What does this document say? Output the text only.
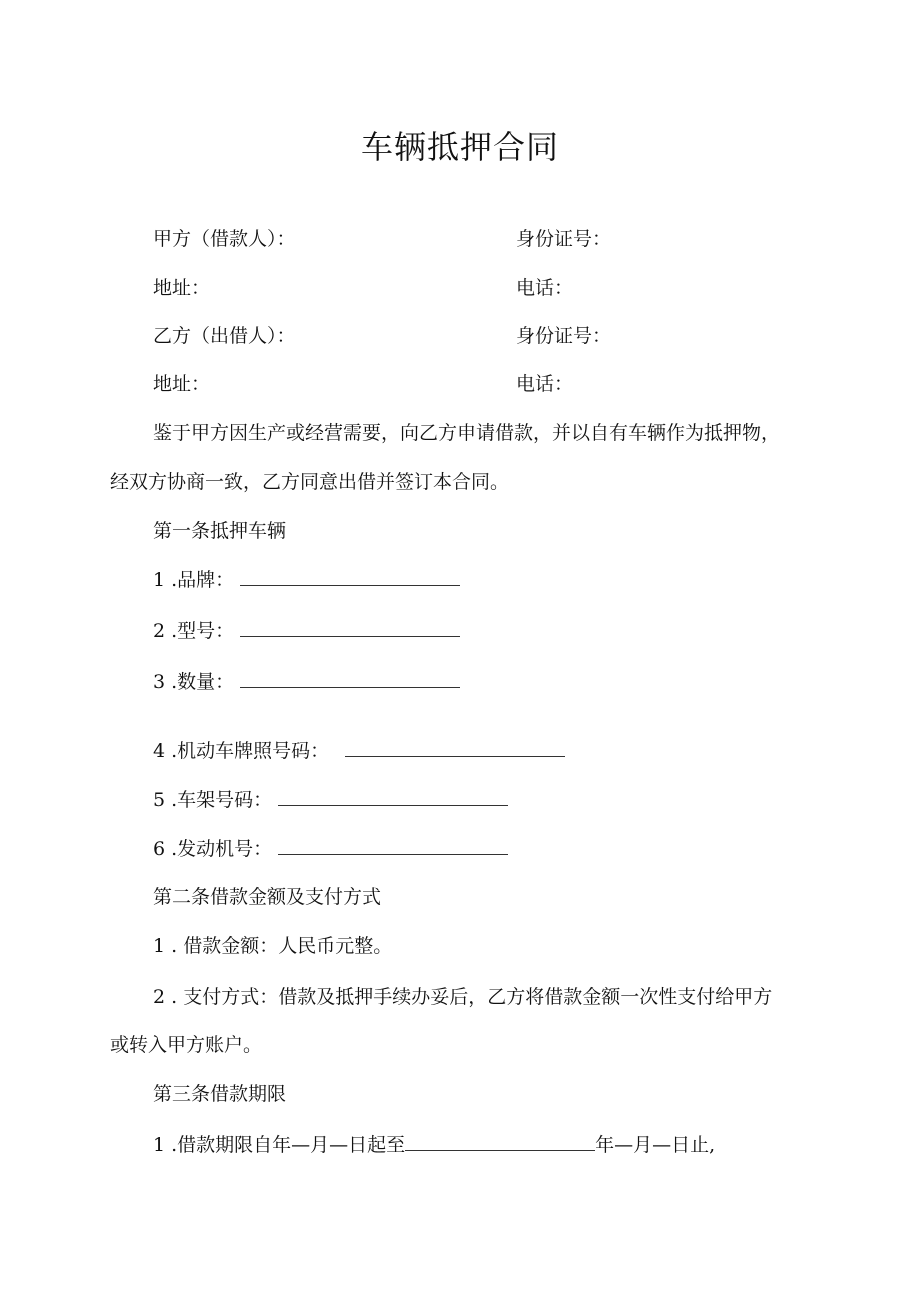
车辆抵押合同
甲方（借款人）：	身份证号：
地址：	电话：
乙方（出借人）：	身份证号：
地址：	电话：
鉴于甲方因生产或经营需要，向乙方申请借款，并以自有车辆作为抵押物，
经双方协商一致，乙方同意出借并签订本合同。
第一条抵押车辆
1 .品牌：
2 .型号：
3 .数量：
4 .机动车牌照号码：
5 .车架号码：
6 .发动机号：
第二条借款金额及支付方式
1 . 借款金额：人民币元整。
2 . 支付方式：借款及抵押手续办妥后，乙方将借款金额一次性支付给甲方
或转入甲方账户。
第三条借款期限
1 .借款期限自年—月—日起至	年—月—日止,
